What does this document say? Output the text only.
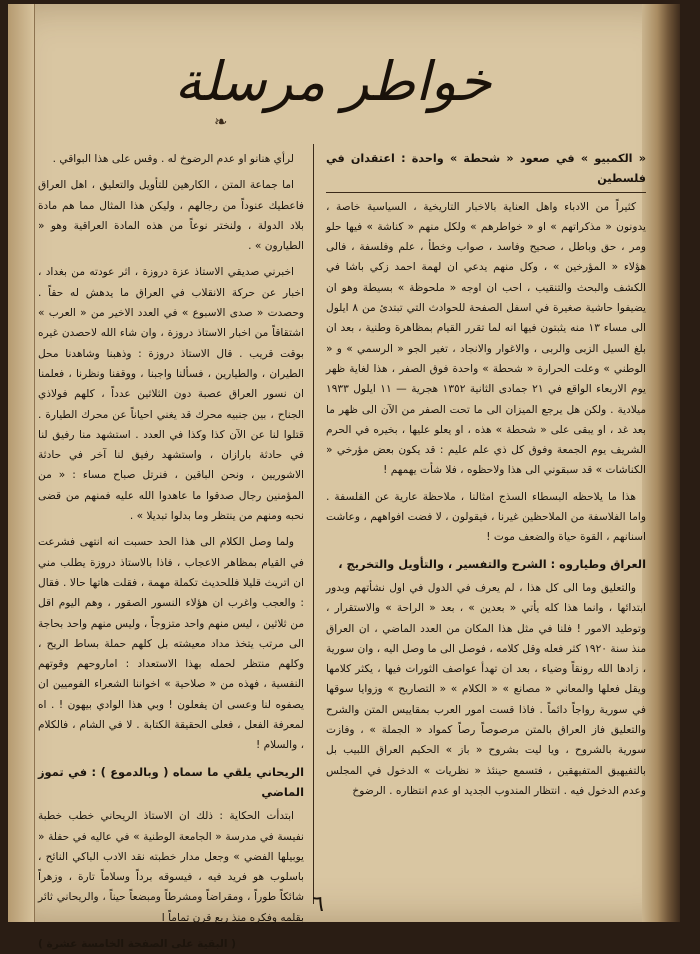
خواطر مرسلة
❧
« الكمبيو » في صعود « شحطة » واحدة : اعتقدان في فلسطين

كثيراً من الادباء واهل العناية بالاخبار التاريخية ، السياسية خاصة ، يدونون « مذكراتهم » او « خواطرهم » ولكل منهم « كناشة » فيها حلو ومر ، حق وباطل ، صحيح وفاسد ، صواب وخطأ ، علم وفلسفة ، فالى هؤلاء « المؤرخين » ، وكل منهم يدعي ان لهمة احمد زكي باشا في الكشف والبحث والتنقيب ، احب ان اوجه « ملحوظة » بسيطة وهو ان يضيفوا حاشية صغيرة في اسفل الصفحة للحوادث التي تبتدئ من ٨ ايلول الى مساء ١٣ منه يثبتون فيها انه لما تقرر القيام بمظاهرة وطنية ، بعد ان بلغ السيل الزبى والربى ، والاغوار والانجاد ، تغير الجو « الرسمي » و « الوطني » وعلت الحرارة « شحطة » واحدة فوق الصفر ، هذا لغاية ظهر يوم الاربعاء الواقع في ٢١ جمادى الثانية ١٣٥٢ هجرية — ١١ ايلول ١٩٣٣ ميلادية . ولكن هل يرجع الميزان الى ما تحت الصفر من الآن الى ظهر ما بعد غد ، او يبقى على « شحطة » هذه ، او يعلو عليها ، بخيره في الحرم الشريف يوم الجمعة وفوق كل ذي علم عليم : قد يكون بعض مؤرخي « الكناشات » قد سبقوني الى هذا ولاحظوه ، فلا شأت يهمهم !

هذا ما يلاحظه البسطاء السذج امثالنا ، ملاحظة عارية عن الفلسفة . واما الفلاسفة من الملاحظين غيرنا ، فيقولون ، لا فضت افواههم ، وعاشت اسنانهم ، القوة حياة والضعف موت !

العراق وطياروه : الشرح والتفسير ، والتأويل والتخريج ،

والتعليق وما الى كل هذا ، لم يعرف في الدول في اول نشأتهم وبدور ابتدائها ، وانما هذا كله يأتي « بعدين » ، بعد « الراحة » والاستقرار ، وتوطيد الامور ! فلنا في مثل هذا المكان من العدد الماضي ، ان العراق منذ سنة ١٩٢٠ كثر فعله وقل كلامه ، فوصل الى ما وصل اليه ، وان سورية ، زادها الله رونقاً وضياء ، بعد ان تهدأ عواصف الثورات فيها ، يكثر كلامها ويقل فعلها والمعاني « مصانع » « الكلام » « التصاريح » وزوايا سوقها في سورية رواجاً دائماً . فاذا قست امور العرب بمقاييس المتن والشرح والتعليق فاز العراق بالمتن مرصوصاً رصاً كمواد « الجملة » ، وفازت سورية بالشروح ، ويا ليت بشروح « باز » الحكيم العراق اللبيب بل بالتفيهيق المتفيهقين ، فتسمع حينئذ « نظريات » الدخول في المجلس وعدم الدخول فيه . انتظار المندوب الجديد او عدم انتظاره . الرضوخ

لرأي هنانو او عدم الرضوخ له . وقس على هذا البواقي .

اما جماعة المتن ، الكارهين للتأويل والتعليق ، اهل العراق فاعطيك عنوداً من رجالهم ، وليكن هذا المثال مما هم مادة بلاد الدولة ، ولنختر نوعاً من هذه المادة العراقية وهو « الطيارون » .

اخبرني صديقي الاستاذ عزة دروزة ، اثر عودته من بغداد ، اخبار عن حركة الانقلاب في العراق ما يدهش له حقاً . وحصدت « صدى الاسبوع » في العدد الاخير من « العرب » اشتقاقاً من اخبار الاستاذ دروزة ، وان شاء الله لاحصدن غيره بوقت قريب . قال الاستاذ دروزة : وذهبنا وشاهدنا محل الطيران ، والطيارين ، فسألنا واجبنا ، ووقفنا ونظرنا ، فعلمنا ان نسور العراق عصبة دون الثلاثين عدداً ، كلهم فولاذي الجناح ، بين جنبيه محرك قد يغني احياناً عن محرك الطيارة . قتلوا لنا عن الآن كذا وكذا في العدد . استشهد منا رفيق لنا في حادثة بارازان ، واستشهد رفيق لنا آخر في حادثة الاشوريين ، ونحن الباقين ، فنرتل صباح مساء : « من المؤمنين رجال صدقوا ما عاهدوا الله عليه فمنهم من قضى نحبه ومنهم من ينتظر وما بدلوا تبديلا » .

ولما وصل الكلام الى هذا الحد حسبت انه انتهى فشرعت في القيام بمظاهر الاعجاب ، فاذا بالاستاذ دروزة يطلب مني ان اتريث قليلا فللحديث تكملة مهمة ، فقلت هاتها حالا . فقال : والعجب واغرب ان هؤلاء النسور الصقور ، وهم اليوم اقل من ثلاثين ، ليس منهم واحد متزوجاً ، وليس منهم واحد بحاجة الى مرتب يتخذ مداد معيشته بل كلهم حملة بساط الريح ، وكلهم منتظر لحمله بهذا الاستعداد : اماروحهم وقوتهم النفسية ، فهذه من « صلاحية » اخواننا الشعراء الفوميين ان يصفوه لنا وعسى ان يفعلون ! وبي هذا الوادي بيهون ! . اه لمعرفة الفعل ، فعلى الحقيقة الكتابة . لا في الشام ، فالكلام ، والسلام !

الريحاني يلقي ما سماه ( وبالدموع ) : في تموز الماضي

ابتدأت الحكاية : ذلك ان الاستاذ الريحاني خطب خطبة نفيسة في مدرسة « الجامعة الوطنية » في عاليه في حفلة « يوبيلها الفضي » وجعل مدار خطبته نقد الادب الباكي النائح ، باسلوب هو فريد فيه ، فيسوقه برداً وسلاماً تارة ، وزهراً شائكاً طوراً ، ومقراضاً ومشرطاً ومبضعاً حيناً ، والريحاني ثائر بقلمه وفكره منذ ربع قرن تماماً ا

( البقية على الصفحة الخامسة عشرة )
٦
